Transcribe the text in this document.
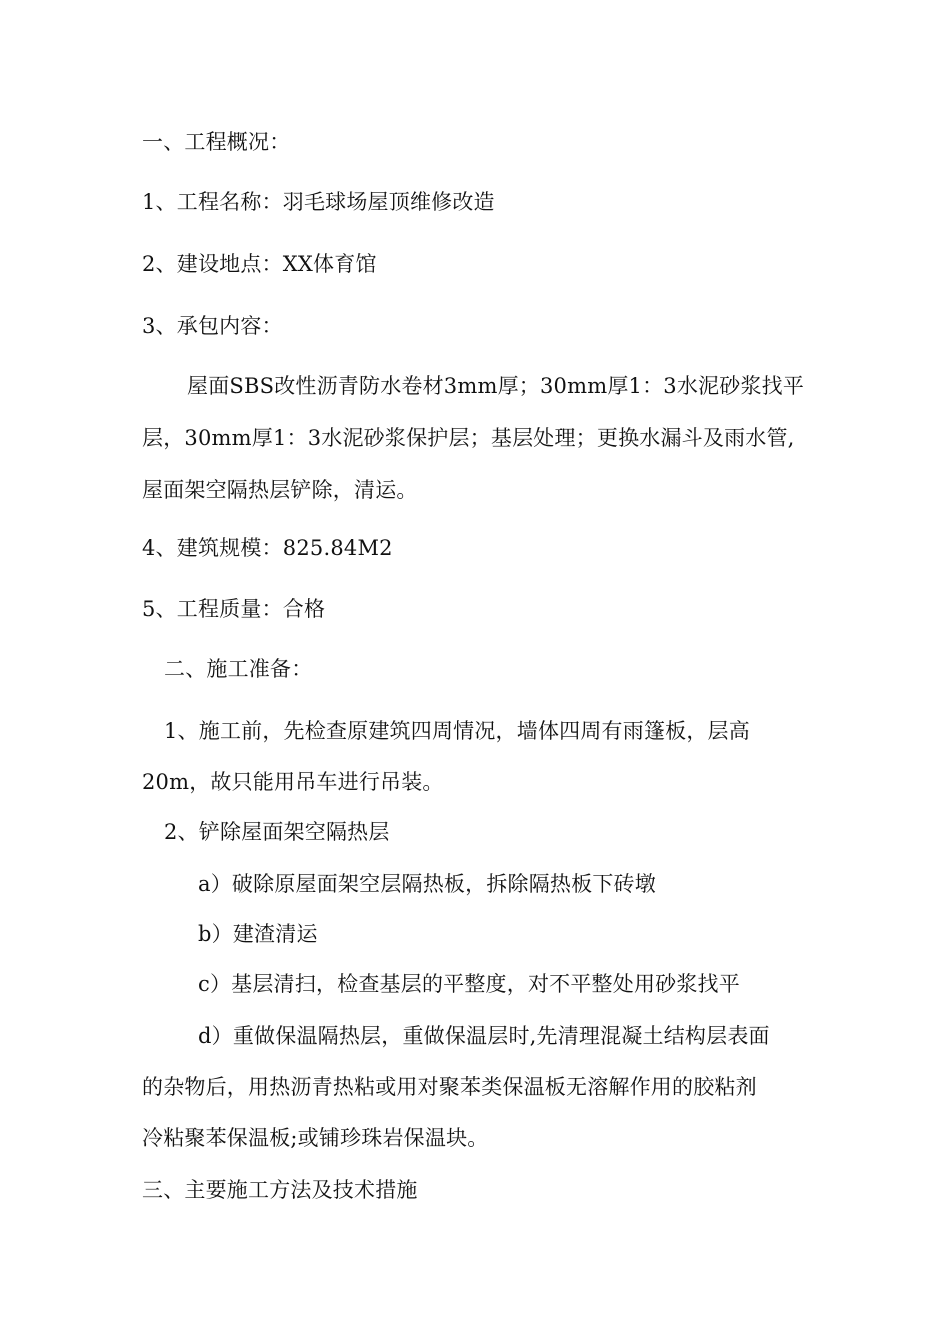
一、工程概况：
1、工程名称：羽毛球场屋顶维修改造
2、建设地点：XX体育馆
3、承包内容：
屋面SBS改性沥青防水卷材3mm厚；30mm厚1：3水泥砂浆找平
层，30mm厚1：3水泥砂浆保护层；基层处理；更换水漏斗及雨水管,
屋面架空隔热层铲除，清运。
4、建筑规模：825.84M2
5、工程质量：合格
二、施工准备：
1、施工前，先检查原建筑四周情况，墙体四周有雨篷板，层高
20m，故只能用吊车进行吊装。
2、铲除屋面架空隔热层
a）破除原屋面架空层隔热板，拆除隔热板下砖墩
b）建渣清运
c）基层清扫，检查基层的平整度，对不平整处用砂浆找平
d）重做保温隔热层，重做保温层时,先清理混凝土结构层表面
的杂物后，用热沥青热粘或用对聚苯类保温板无溶解作用的胶粘剂
冷粘聚苯保温板;或铺珍珠岩保温块。
三、主要施工方法及技术措施
